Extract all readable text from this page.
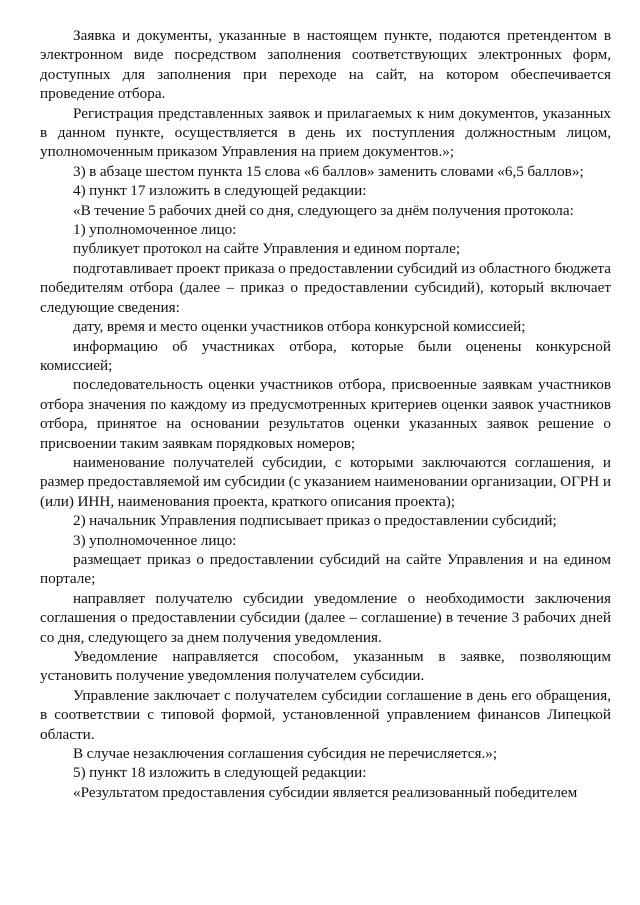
Заявка и документы, указанные в настоящем пункте, подаются претендентом в электронном виде посредством заполнения соответствующих электронных форм, доступных для заполнения при переходе на сайт, на котором обеспечивается проведение отбора.

Регистрация представленных заявок и прилагаемых к ним документов, указанных в данном пункте, осуществляется в день их поступления должностным лицом, уполномоченным приказом Управления на прием документов.»;

3) в абзаце шестом пункта 15 слова «6 баллов» заменить словами «6,5 баллов»;

4) пункт 17 изложить в следующей редакции:

«В течение 5 рабочих дней со дня, следующего за днём получения протокола:

1) уполномоченное лицо:

публикует протокол на сайте Управления и едином портале;

подготавливает проект приказа о предоставлении субсидий из областного бюджета победителям отбора (далее – приказ о предоставлении субсидий), который включает следующие сведения:

дату, время и место оценки участников отбора конкурсной комиссией;

информацию об участниках отбора, которые были оценены конкурсной комиссией;

последовательность оценки участников отбора, присвоенные заявкам участников отбора значения по каждому из предусмотренных критериев оценки заявок участников отбора, принятое на основании результатов оценки указанных заявок решение о присвоении таким заявкам порядковых номеров;

наименование получателей субсидии, с которыми заключаются соглашения, и размер предоставляемой им субсидии (с указанием наименовании организации, ОГРН и (или) ИНН, наименования проекта, краткого описания проекта);

2) начальник Управления подписывает приказ о предоставлении субсидий;

3) уполномоченное лицо:

размещает приказ о предоставлении субсидий на сайте Управления и на едином портале;

направляет получателю субсидии уведомление о необходимости заключения соглашения о предоставлении субсидии (далее – соглашение) в течение 3 рабочих дней со дня, следующего за днем получения уведомления.

Уведомление направляется способом, указанным в заявке, позволяющим установить получение уведомления получателем субсидии.

Управление заключает с получателем субсидии соглашение в день его обращения, в соответствии с типовой формой, установленной управлением финансов Липецкой области.

В случае незаключения соглашения субсидия не перечисляется.»;

5) пункт 18 изложить в следующей редакции:

«Результатом предоставления субсидии является реализованный победителем
